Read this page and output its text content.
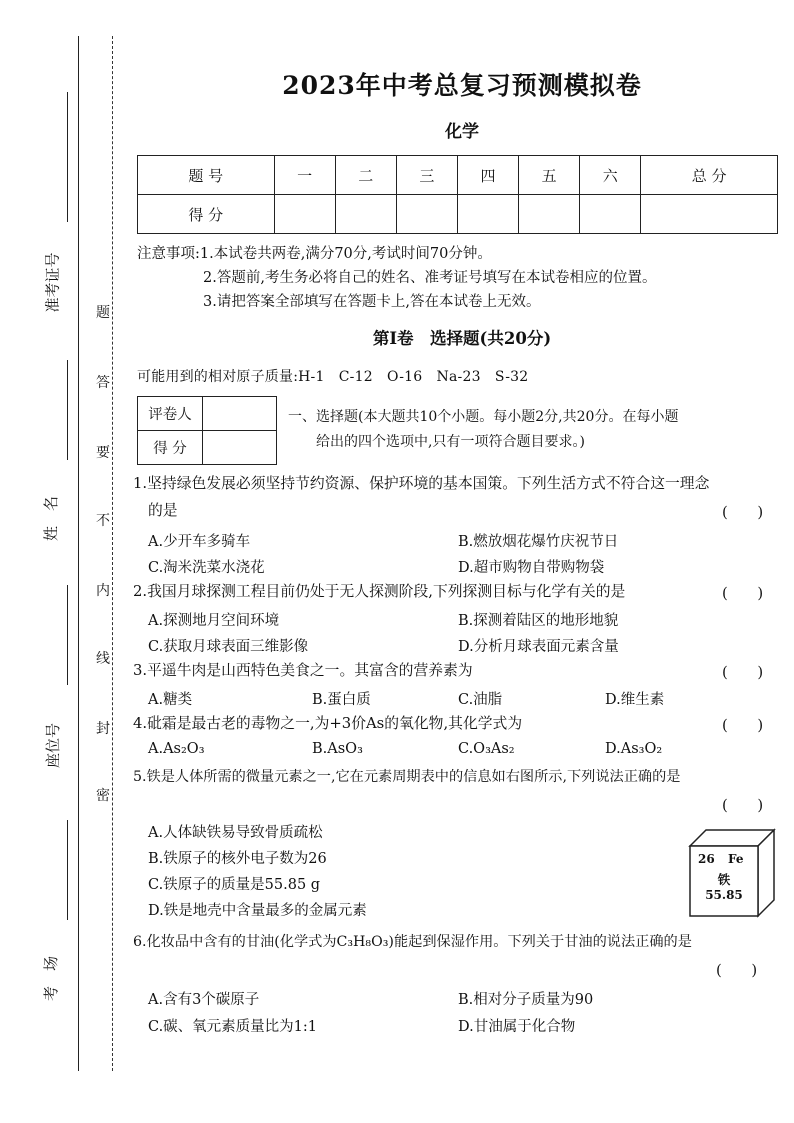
准考证号
姓　名
座位号
考　场
密
封
线
内
不
要
答
题
2023年中考总复习预测模拟卷
化学
题 号	一	二	三	四	五	六	总 分
得 分							
注意事项:1.本试卷共两卷,满分70分,考试时间70分钟。
2.答题前,考生务必将自己的姓名、准考证号填写在本试卷相应的位置。
3.请把答案全部填写在答题卡上,答在本试卷上无效。
第Ⅰ卷　选择题(共20分)
可能用到的相对原子质量:H-1　C-12　O-16　Na-23　S-32
评卷人	
得 分	
一、选择题(本大题共10个小题。每小题2分,共20分。在每小题
给出的四个选项中,只有一项符合题目要求。)
1.坚持绿色发展必须坚持节约资源、保护环境的基本国策。下列生活方式不符合这一理念
的是	(　　)
A.少开车多骑车	B.燃放烟花爆竹庆祝节日
C.淘米洗菜水浇花	D.超市购物自带购物袋
2.我国月球探测工程目前仍处于无人探测阶段,下列探测目标与化学有关的是	(　　)
A.探测地月空间环境	B.探测着陆区的地形地貌
C.获取月球表面三维影像	D.分析月球表面元素含量
3.平遥牛肉是山西特色美食之一。其富含的营养素为	(　　)
A.糖类	B.蛋白质	C.油脂	D.维生素
4.砒霜是最古老的毒物之一,为+3价As的氧化物,其化学式为	(　　)
A.As₂O₃	B.AsO₃	C.O₃As₂	D.As₃O₂
5.铁是人体所需的微量元素之一,它在元素周期表中的信息如右图所示,下列说法正确的是
(　　)
A.人体缺铁易导致骨质疏松
B.铁原子的核外电子数为26
C.铁原子的质量是55.85 g
D.铁是地壳中含量最多的金属元素
26 Fe
铁
55.85
6.化妆品中含有的甘油(化学式为C₃H₈O₃)能起到保湿作用。下列关于甘油的说法正确的是
(　　)
A.含有3个碳原子	B.相对分子质量为90
C.碳、氧元素质量比为1:1	D.甘油属于化合物
